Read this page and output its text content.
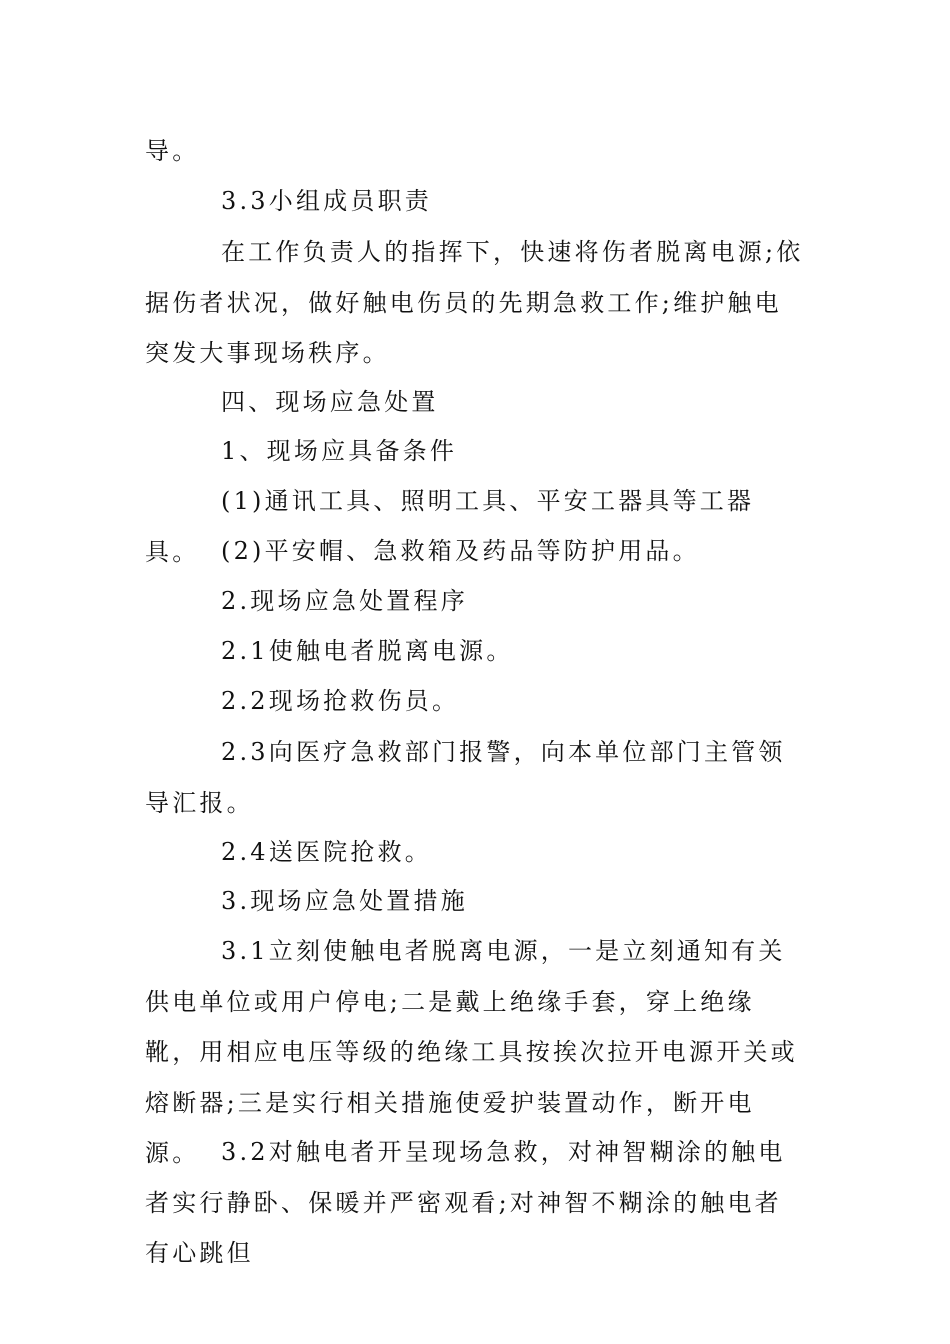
导。

3.3小组成员职责

在工作负责人的指挥下，快速将伤者脱离电源;依据伤者状况，做好触电伤员的先期急救工作;维护触电突发大事现场秩序。

四、现场应急处置

1、现场应具备条件

(1)通讯工具、照明工具、平安工器具等工器具。 (2)平安帽、急救箱及药品等防护用品。

2.现场应急处置程序

2.1使触电者脱离电源。

2.2现场抢救伤员。

2.3向医疗急救部门报警，向本单位部门主管领导汇报。

2.4送医院抢救。

3.现场应急处置措施

3.1立刻使触电者脱离电源，一是立刻通知有关供电单位或用户停电;二是戴上绝缘手套，穿上绝缘靴，用相应电压等级的绝缘工具按挨次拉开电源开关或熔断器;三是实行相关措施使爱护装置动作，断开电源。 3.2对触电者开呈现场急救，对神智糊涂的触电者实行静卧、保暖并严密观看;对神智不糊涂的触电者有心跳但
